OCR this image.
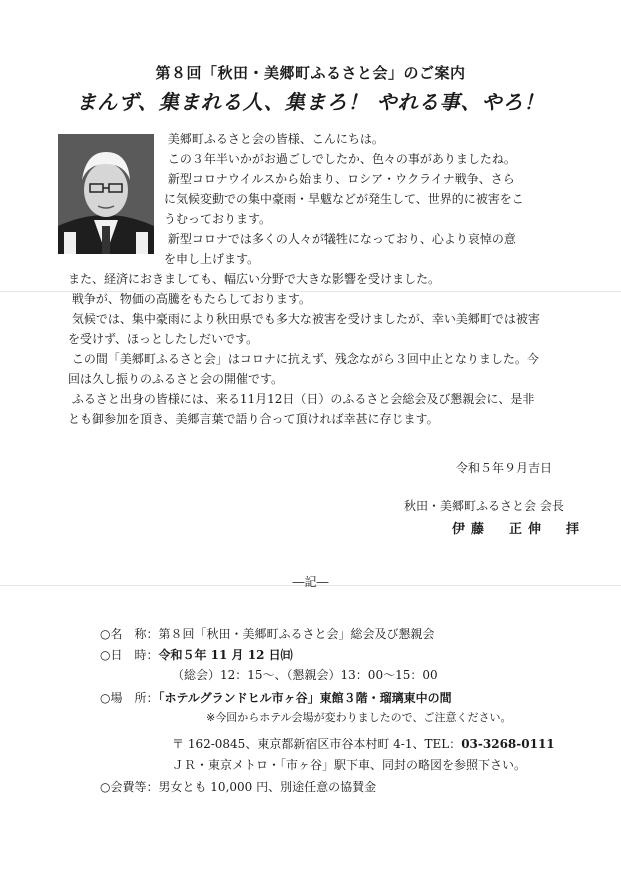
第８回「秋田・美郷町ふるさと会」のご案内
まんず、集まれる人、集まろ！ やれる事、やろ！
　　　　　　　　 美郷町ふるさと会の皆様、こんにちは。
　　　　　　　　 この３年半いかがお過ごしでしたか、色々の事がありましたね。
　　　　　　　　 新型コロナウイルスから始まり、ロシア・ウクライナ戦争、さら
　　　　　　　　に気候変動での集中豪雨・旱魃などが発生して、世界的に被害をこ
　　　　　　　　うむっております。
　　　　　　　　 新型コロナでは多くの人々が犠牲になっており、心より哀悼の意
　　　　　　　　を申し上げます。
また、経済におきましても、幅広い分野で大きな影響を受けました。
戦争が、物価の高騰をもたらしております。
気候では、集中豪雨により秋田県でも多大な被害を受けましたが、幸い美郷町では被害
を受けず、ほっとしたしだいです。
この間「美郷町ふるさと会」はコロナに抗えず、残念ながら３回中止となりました。今
回は久し振りのふるさと会の開催です。
ふるさと出身の皆様には、来る11月12日（日）のふるさと会総会及び懇親会に、是非
とも御参加を頂き、美郷言葉で語り合って頂ければ幸甚に存じます。
令和５年９月吉日
秋田・美郷町ふるさと会 会長
伊藤　正伸　拝
―記―
○名　称：第８回「秋田・美郷町ふるさと会」総会及び懇親会
○日　時：令和５年 11 月 12 日㈰
（総会）12：15～、（懇親会）13：00～15：00
○場　所：「ホテルグランドヒル市ヶ谷」東館３階・瑠璃東中の間
※今回からホテル会場が変わりましたので、ご注意ください。
〒 162-0845、東京都新宿区市谷本村町 4-1、TEL：03-3268-0111
ＪＲ・東京メトロ・「市ヶ谷」駅下車、同封の略図を参照下さい。
○会費等：男女とも 10,000 円、別途任意の協賛金
